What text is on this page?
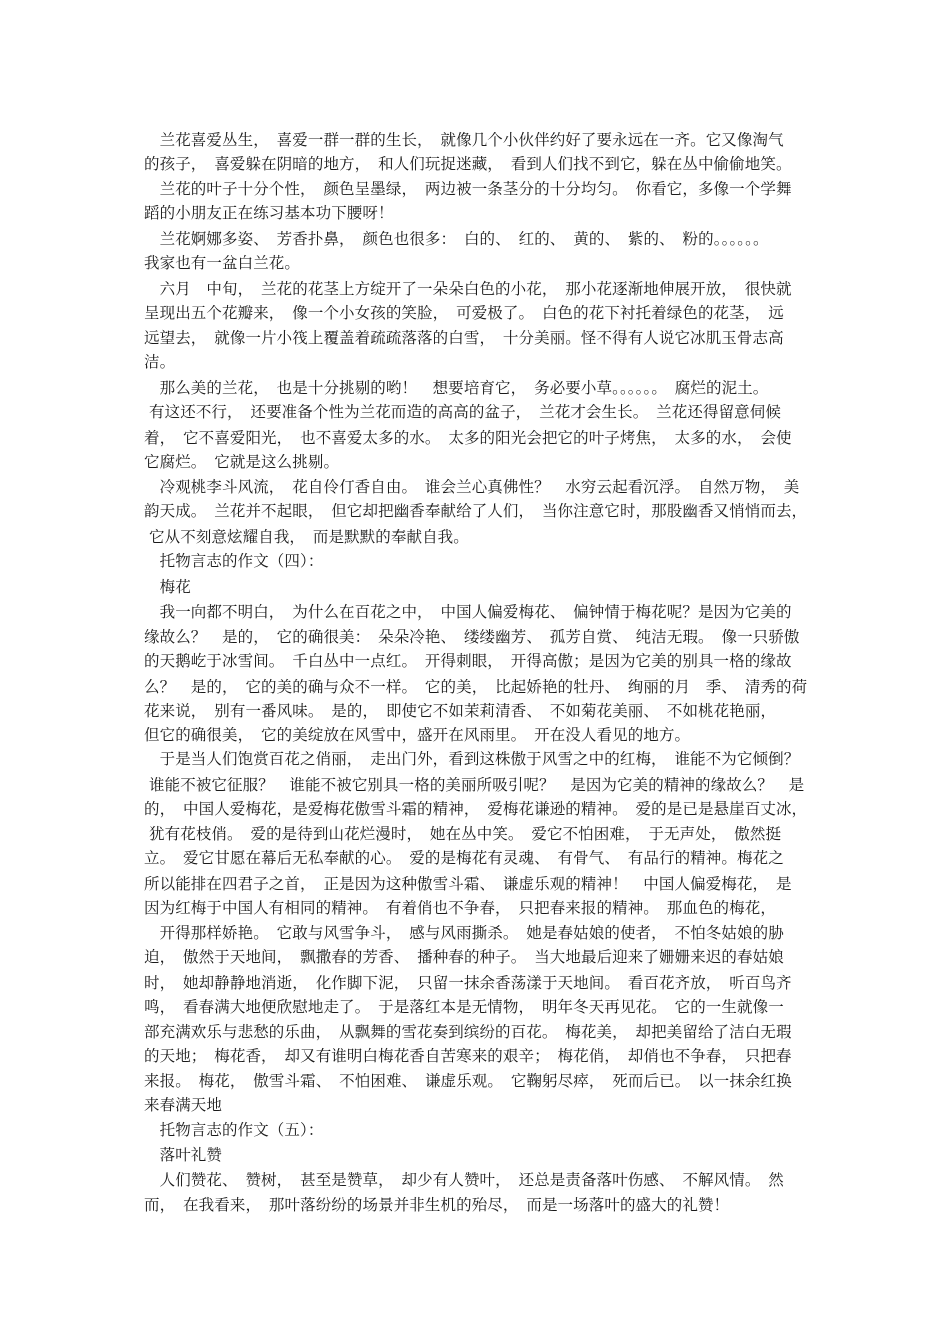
　兰花喜爱丛生，　喜爱一群一群的生长，　就像几个小伙伴约好了要永远在一齐。它又像淘气
的孩子，　喜爱躲在阴暗的地方，　和人们玩捉迷藏，　看到人们找不到它，躲在丛中偷偷地笑。
　兰花的叶子十分个性，　颜色呈墨绿，　两边被一条茎分的十分均匀。　你看它，多像一个学舞
蹈的小朋友正在练习基本功下腰呀！
　兰花婀娜多姿、　芳香扑鼻，　颜色也很多：　白的、　红的、　黄的、　紫的、　粉的。。。。。。
我家也有一盆白兰花。
　六月　中旬，　兰花的花茎上方绽开了一朵朵白色的小花，　那小花逐渐地伸展开放，　很快就
呈现出五个花瓣来，　像一个小女孩的笑脸，　可爱极了。　白色的花下衬托着绿色的花茎，　远
远望去，　就像一片小筏上覆盖着疏疏落落的白雪，　十分美丽。怪不得有人说它冰肌玉骨志高
洁。
　那么美的兰花，　也是十分挑剔的哟！　想要培育它，　务必要小草。。。。。。　腐烂的泥土。
有这还不行，　还要准备个性为兰花而造的高高的盆子，　兰花才会生长。　兰花还得留意伺候
着，　它不喜爱阳光，　也不喜爱太多的水。　太多的阳光会把它的叶子烤焦，　太多的水，　会使
它腐烂。　它就是这么挑剔。
　冷观桃李斗风流，　花自伶仃香自由。　谁会兰心真佛性？　水穷云起看沉浮。　自然万物，　美
韵天成。　兰花并不起眼，　但它却把幽香奉献给了人们，　当你注意它时，那股幽香又悄悄而去，
它从不刻意炫耀自我，　而是默默的奉献自我。
　托物言志的作文（四）：
　梅花
　我一向都不明白，　为什么在百花之中，　中国人偏爱梅花、　偏钟情于梅花呢？是因为它美的
缘故么？　是的，　它的确很美：　朵朵冷艳、　缕缕幽芳、　孤芳自赏、　纯洁无瑕。　像一只骄傲
的天鹅屹于冰雪间。　千白丛中一点红。　开得刺眼，　开得高傲；是因为它美的别具一格的缘故
么？　是的，　它的美的确与众不一样。　它的美，　比起娇艳的牡丹、　绚丽的月　季、　清秀的荷
花来说，　别有一番风味。　是的，　即使它不如茉莉清香、　不如菊花美丽、　不如桃花艳丽，
但它的确很美，　它的美绽放在风雪中，盛开在风雨里。　开在没人看见的地方。
　于是当人们饱赏百花之俏丽，　走出门外，看到这株傲于风雪之中的红梅，　谁能不为它倾倒？
谁能不被它征服？　谁能不被它别具一格的美丽所吸引呢？　是因为它美的精神的缘故么？　是
的，　中国人爱梅花，是爱梅花傲雪斗霜的精神，　爱梅花谦逊的精神。　爱的是已是悬崖百丈冰，
犹有花枝俏。　爱的是待到山花烂漫时，　她在丛中笑。　爱它不怕困难，　于无声处，　傲然挺
立。　爱它甘愿在幕后无私奉献的心。　爱的是梅花有灵魂、　有骨气、　有品行的精神。梅花之
所以能排在四君子之首，　正是因为这种傲雪斗霜、　谦虚乐观的精神！　中国人偏爱梅花，　是
因为红梅于中国人有相同的精神。　有着俏也不争春，　只把春来报的精神。　那血色的梅花，
　开得那样娇艳。　它敢与风雪争斗，　感与风雨撕杀。　她是春姑娘的使者，　不怕冬姑娘的胁
迫，　傲然于天地间，　飘撒春的芳香、　播种春的种子。　当大地最后迎来了姗姗来迟的春姑娘
时，　她却静静地消逝，　化作脚下泥，　只留一抹余香荡漾于天地间。　看百花齐放，　听百鸟齐
鸣，　看春满大地便欣慰地走了。　于是落红本是无情物，　明年冬天再见花。　它的一生就像一
部充满欢乐与悲愁的乐曲，　从飘舞的雪花奏到缤纷的百花。　梅花美，　却把美留给了洁白无瑕
的天地；　梅花香，　却又有谁明白梅花香自苦寒来的艰辛；　梅花俏，　却俏也不争春，　只把春
来报。　梅花，　傲雪斗霜、　不怕困难、　谦虚乐观。　它鞠躬尽瘁，　死而后已。　以一抹余红换
来春满天地
　托物言志的作文（五）：
　落叶礼赞
　人们赞花、　赞树，　甚至是赞草，　却少有人赞叶，　还总是责备落叶伤感、　不解风情。　然
而，　在我看来，　那叶落纷纷的场景并非生机的殆尽，　而是一场落叶的盛大的礼赞！
